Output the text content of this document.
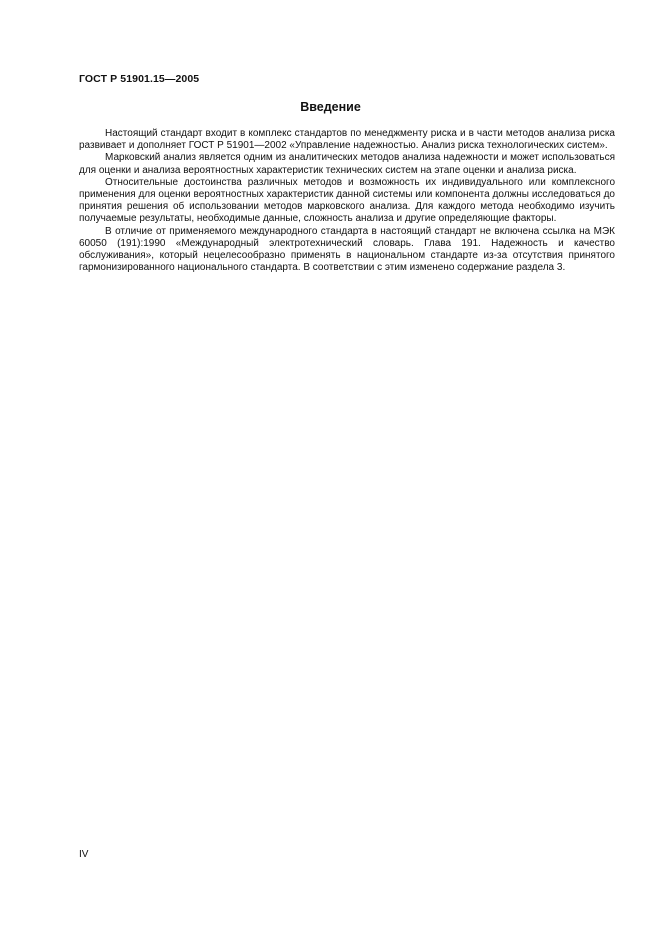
ГОСТ Р 51901.15—2005
Введение

Настоящий стандарт входит в комплекс стандартов по менеджменту риска и в части методов анализа риска развивает и дополняет ГОСТ Р 51901—2002 «Управление надежностью. Анализ риска технологических систем».

Марковский анализ является одним из аналитических методов анализа надежности и может использоваться для оценки и анализа вероятностных характеристик технических систем на этапе оценки и анализа риска.

Относительные достоинства различных методов и возможность их индивидуального или комплексного применения для оценки вероятностных характеристик данной системы или компонента должны исследоваться до принятия решения об использовании методов марковского анализа. Для каждого метода необходимо изучить получаемые результаты, необходимые данные, сложность анализа и другие определяющие факторы.

В отличие от применяемого международного стандарта в настоящий стандарт не включена ссылка на МЭК 60050 (191):1990 «Международный электротехнический словарь. Глава 191. Надежность и качество обслуживания», который нецелесообразно применять в национальном стандарте из-за отсутствия принятого гармонизированного национального стандарта. В соответствии с этим изменено содержание раздела 3.

IV
